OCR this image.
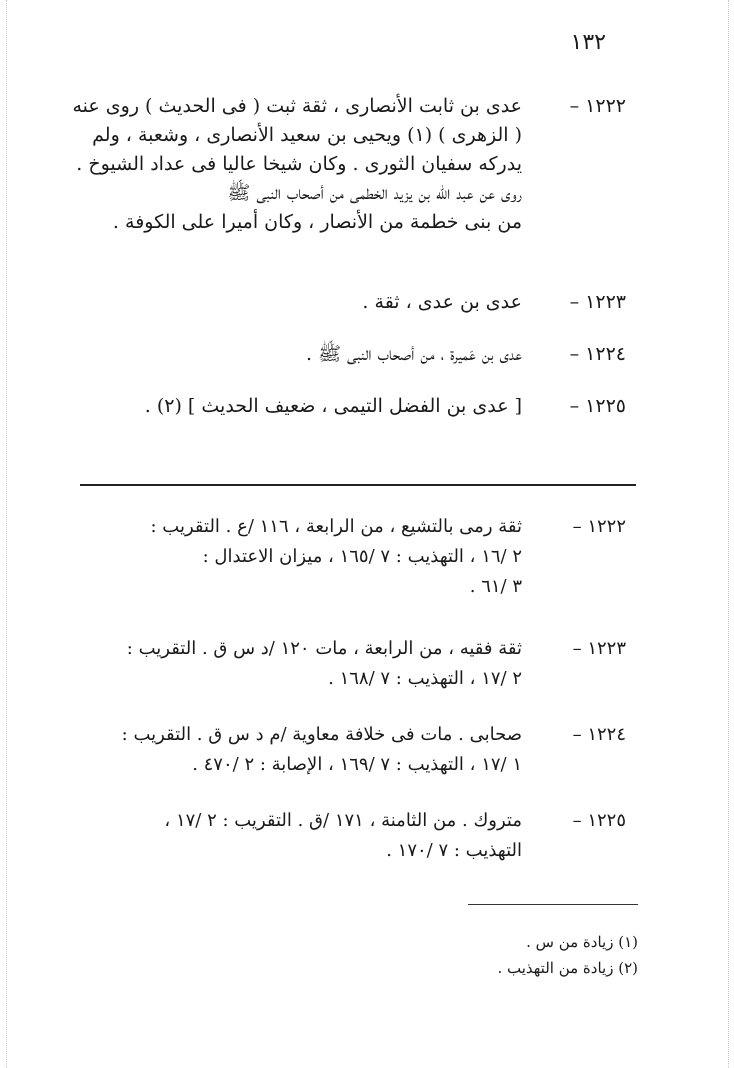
١٣٢
١٢٢٢ –عدى بن ثابت الأنصارى ، ثقة ثبت ( فى الحديث ) روى عنه
( الزهرى ) (١) ويحيى بن سعيد الأنصارى ، وشعبة ، ولم
يدركه سفيان الثورى . وكان شيخا عاليا فى عداد الشيوخ .
روى عن عبد الله بن يزيد الخطمى من أصحاب النبى ﷺ
من بنى خطمة من الأنصار ، وكان أميرا على الكوفة .
١٢٢٣ –عدى بن عدى ، ثقة .
١٢٢٤ –عدى بن عَميرة ، من أصحاب النبى ﷺ .
١٢٢٥ –[ عدى بن الفضل التيمى ، ضعيف الحديث ] (٢) .
١٢٢٢ –ثقة رمى بالتشيع ، من الرابعة ، ١١٦ /ع . التقريب :
٢ /١٦ ، التهذيب : ٧ /١٦٥ ، ميزان الاعتدال :
٣ /٦١ .
١٢٢٣ –ثقة فقيه ، من الرابعة ، مات ١٢٠ /د س ق . التقريب :
٢ /١٧ ، التهذيب : ٧ /١٦٨ .
١٢٢٤ –صحابى . مات فى خلافة معاوية /م د س ق . التقريب :
١ /١٧ ، التهذيب : ٧ /١٦٩ ، الإصابة : ٢ /٤٧٠ .
١٢٢٥ –متروك . من الثامنة ، ١٧١ /ق . التقريب : ٢ /١٧ ،
التهذيب : ٧ /١٧٠ .
(١) زيادة من س .
(٢) زيادة من التهذيب .
